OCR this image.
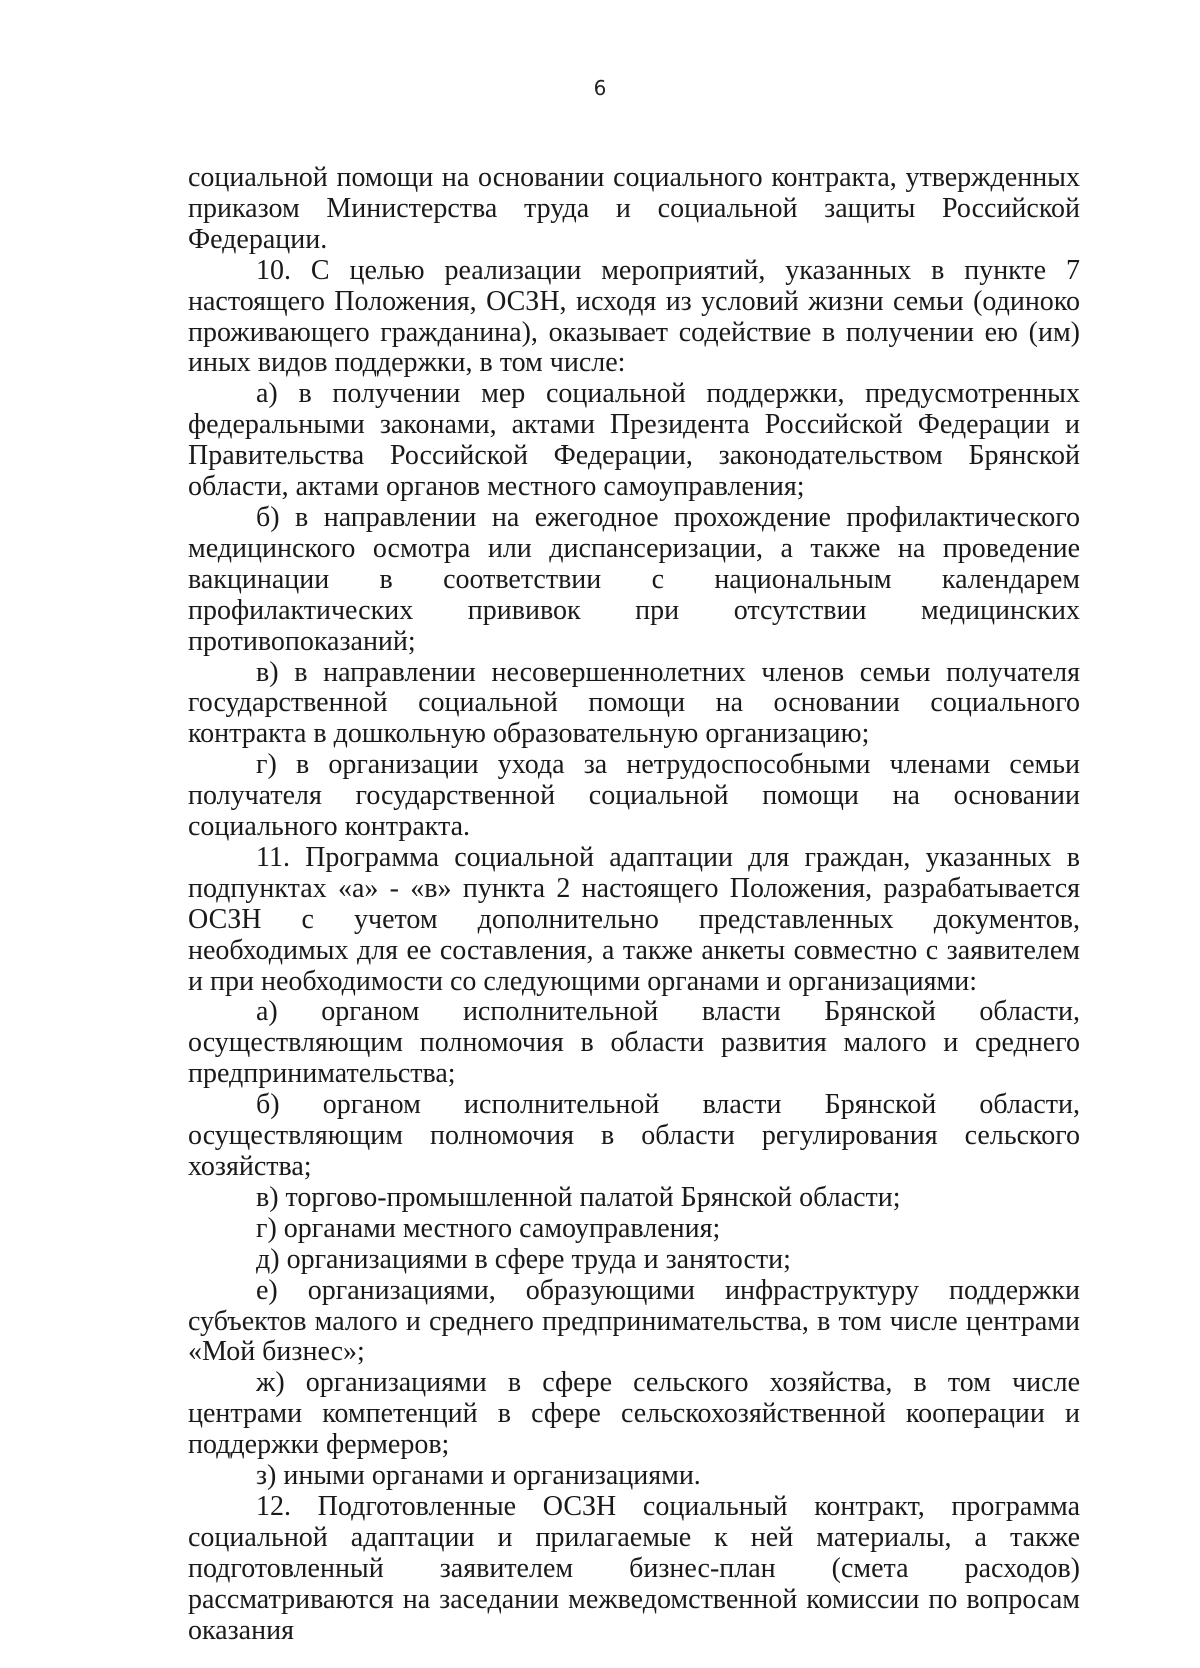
6

социальной помощи на основании социального контракта, утвержденных приказом Министерства труда и социальной защиты Российской Федерации.

10. С целью реализации мероприятий, указанных в пункте 7 настоящего Положения, ОСЗН, исходя из условий жизни семьи (одиноко проживающего гражданина), оказывает содействие в получении ею (им) иных видов поддержки, в том числе:

а) в получении мер социальной поддержки, предусмотренных федеральными законами, актами Президента Российской Федерации и Правительства Российской Федерации, законодательством Брянской области, актами органов местного самоуправления;

б) в направлении на ежегодное прохождение профилактического медицинского осмотра или диспансеризации, а также на проведение вакцинации в соответствии с национальным календарем профилактических прививок при отсутствии медицинских противопоказаний;

в) в направлении несовершеннолетних членов семьи получателя государственной социальной помощи на основании социального контракта в дошкольную образовательную организацию;

г) в организации ухода за нетрудоспособными членами семьи получателя государственной социальной помощи на основании социального контракта.

11. Программа социальной адаптации для граждан, указанных в подпунктах «а» - «в» пункта 2 настоящего Положения, разрабатывается ОСЗН с учетом дополнительно представленных документов, необходимых для ее составления, а также анкеты совместно с заявителем и при необходимости со следующими органами и организациями:

а) органом исполнительной власти Брянской области, осуществляющим полномочия в области развития малого и среднего предпринимательства;

б) органом исполнительной власти Брянской области, осуществляющим полномочия в области регулирования сельского хозяйства;

в) торгово-промышленной палатой Брянской области;

г) органами местного самоуправления;

д) организациями в сфере труда и занятости;

е) организациями, образующими инфраструктуру поддержки субъектов малого и среднего предпринимательства, в том числе центрами «Мой бизнес»;

ж) организациями в сфере сельского хозяйства, в том числе центрами компетенций в сфере сельскохозяйственной кооперации и поддержки фермеров;

з) иными органами и организациями.

12. Подготовленные ОСЗН социальный контракт, программа социальной адаптации и прилагаемые к ней материалы, а также подготовленный заявителем бизнес-план (смета расходов) рассматриваются на заседании межведомственной комиссии по вопросам оказания
